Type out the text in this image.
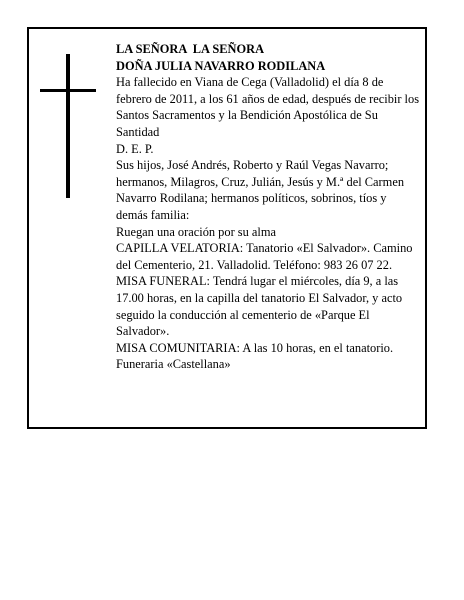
LA SEÑORA  LA SEÑORA

DOÑA JULIA NAVARRO RODILANA

Ha fallecido en Viana de Cega (Valladolid) el día 8 de febrero de 2011, a los 61 años de edad, después de recibir los Santos Sacramentos y la Bendición Apostólica de Su Santidad

D. E. P.

Sus hijos, José Andrés, Roberto y Raúl Vegas Navarro; hermanos, Milagros, Cruz, Julián, Jesús y M.ª del Carmen Navarro Rodilana; hermanos políticos, sobrinos, tíos y demás familia:

Ruegan una oración por su alma

CAPILLA VELATORIA: Tanatorio «El Salvador». Camino del Cementerio, 21. Valladolid. Teléfono: 983 26 07 22.

MISA FUNERAL: Tendrá lugar el miércoles, día 9, a las 17.00 horas, en la capilla del tanatorio El Salvador, y acto seguido la conducción al cementerio de «Parque El Salvador».

MISA COMUNITARIA: A las 10 horas, en el tanatorio.

Funeraria «Castellana»
